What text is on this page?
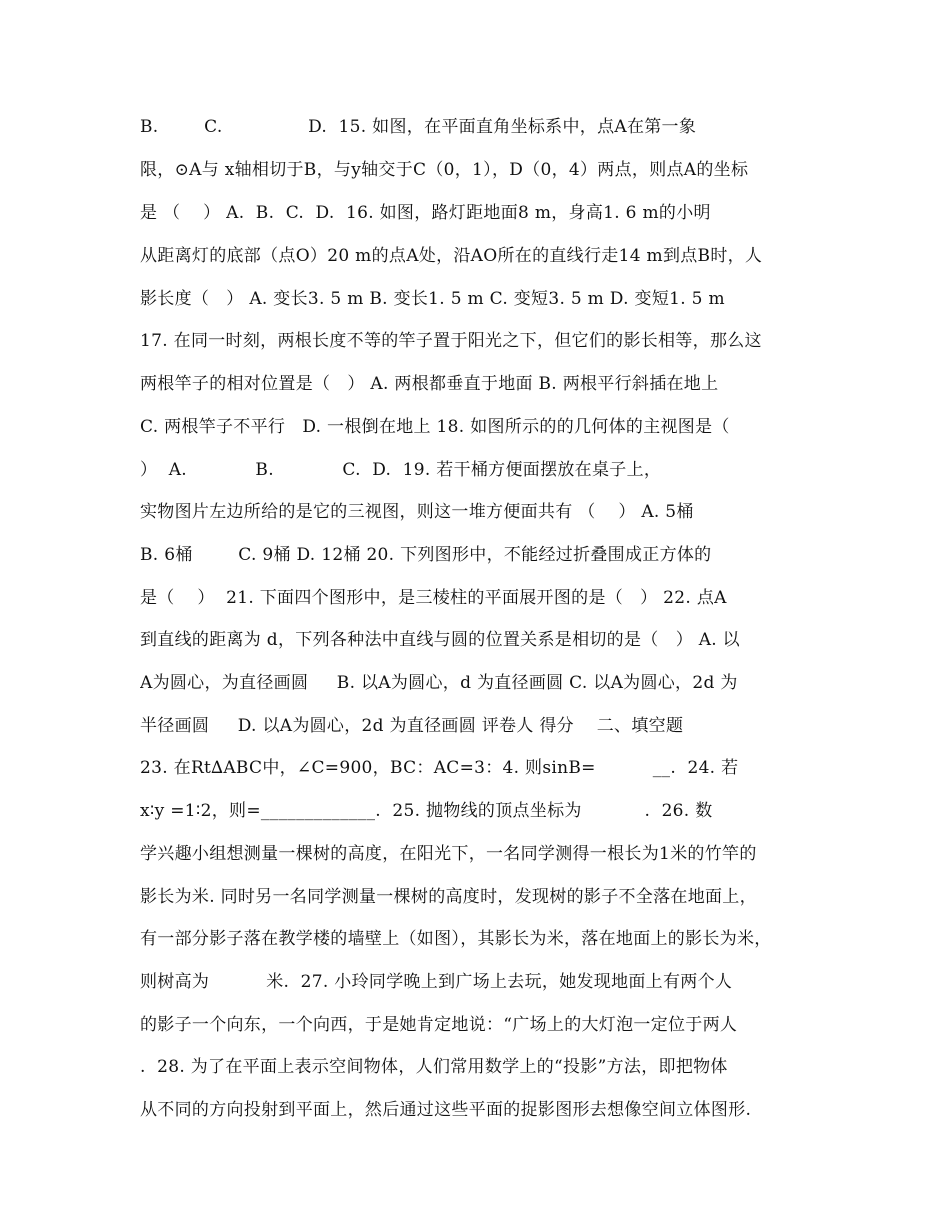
B.        C.               D.  15. 如图，在平面直角坐标系中，点A在第一象
限，⊙A与 x轴相切于B，与y轴交于C（0，1），D（0，4）两点，则点A的坐标
是 （    ） A.  B.  C.  D.  16. 如图，路灯距地面8 m，身高1. 6 m的小明
从距离灯的底部（点O）20 m的点A处，沿AO所在的直线行走14 m到点B时，人
影长度（   ） A. 变长3. 5 m B. 变长1. 5 m C. 变短3. 5 m D. 变短1. 5 m
17. 在同一时刻，两根长度不等的竿子置于阳光之下，但它们的影长相等，那么这
两根竿子的相对位置是（   ） A. 两根都垂直于地面 B. 两根平行斜插在地上
C. 两根竿子不平行   D. 一根倒在地上 18. 如图所示的的几何体的主视图是（
）  A.            B.            C.  D.  19. 若干桶方便面摆放在桌子上，
实物图片左边所给的是它的三视图，则这一堆方便面共有 （    ） A. 5桶
B. 6桶        C. 9桶 D. 12桶 20. 下列图形中，不能经过折叠围成正方体的
是（    ）  21. 下面四个图形中，是三棱柱的平面展开图的是（   ） 22. 点A
到直线的距离为 d，下列各种法中直线与圆的位置关系是相切的是（   ） A. 以
A为圆心，为直径画圆     B. 以A为圆心，d 为直径画圆 C. 以A为圆心，2d 为
半径画圆     D. 以A为圆心，2d 为直径画圆 评卷人 得分    二、填空题
23. 在Rt∆ABC中，∠C=900，BC：AC=3：4. 则sinB=          __.  24. 若
x∶y =1∶2，则=_____________.  25. 抛物线的顶点坐标为           .  26. 数
学兴趣小组想测量一棵树的高度，在阳光下，一名同学测得一根长为1米的竹竿的
影长为米. 同时另一名同学测量一棵树的高度时，发现树的影子不全落在地面上，
有一部分影子落在教学楼的墙壁上（如图），其影长为米，落在地面上的影长为米，
则树高为          米.  27. 小玲同学晚上到广场上去玩，她发现地面上有两个人
的影子一个向东，一个向西，于是她肯定地说：“广场上的大灯泡一定位于两人
.  28. 为了在平面上表示空间物体，人们常用数学上的“投影”方法，即把物体
从不同的方向投射到平面上，然后通过这些平面的捉影图形去想像空间立体图形.
